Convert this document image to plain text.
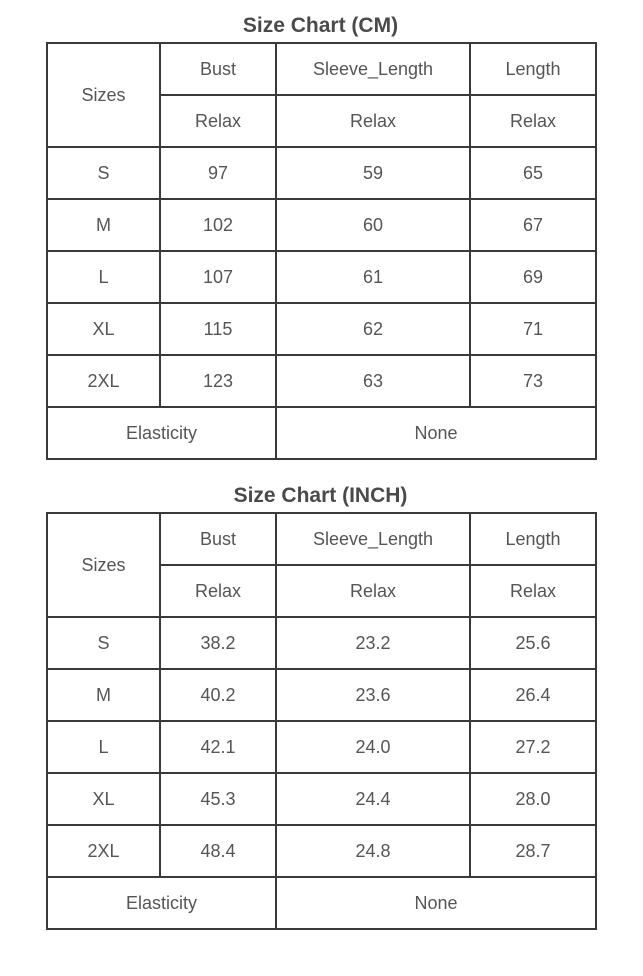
Size Chart (CM)
Sizes	Bust	Sleeve_Length	Length
	Relax	Relax	Relax
S	97	59	65
M	102	60	67
L	107	61	69
XL	115	62	71
2XL	123	63	73
Elasticity		None	
Size Chart (INCH)
Sizes	Bust	Sleeve_Length	Length
	Relax	Relax	Relax
S	38.2	23.2	25.6
M	40.2	23.6	26.4
L	42.1	24.0	27.2
XL	45.3	24.4	28.0
2XL	48.4	24.8	28.7
Elasticity		None	
